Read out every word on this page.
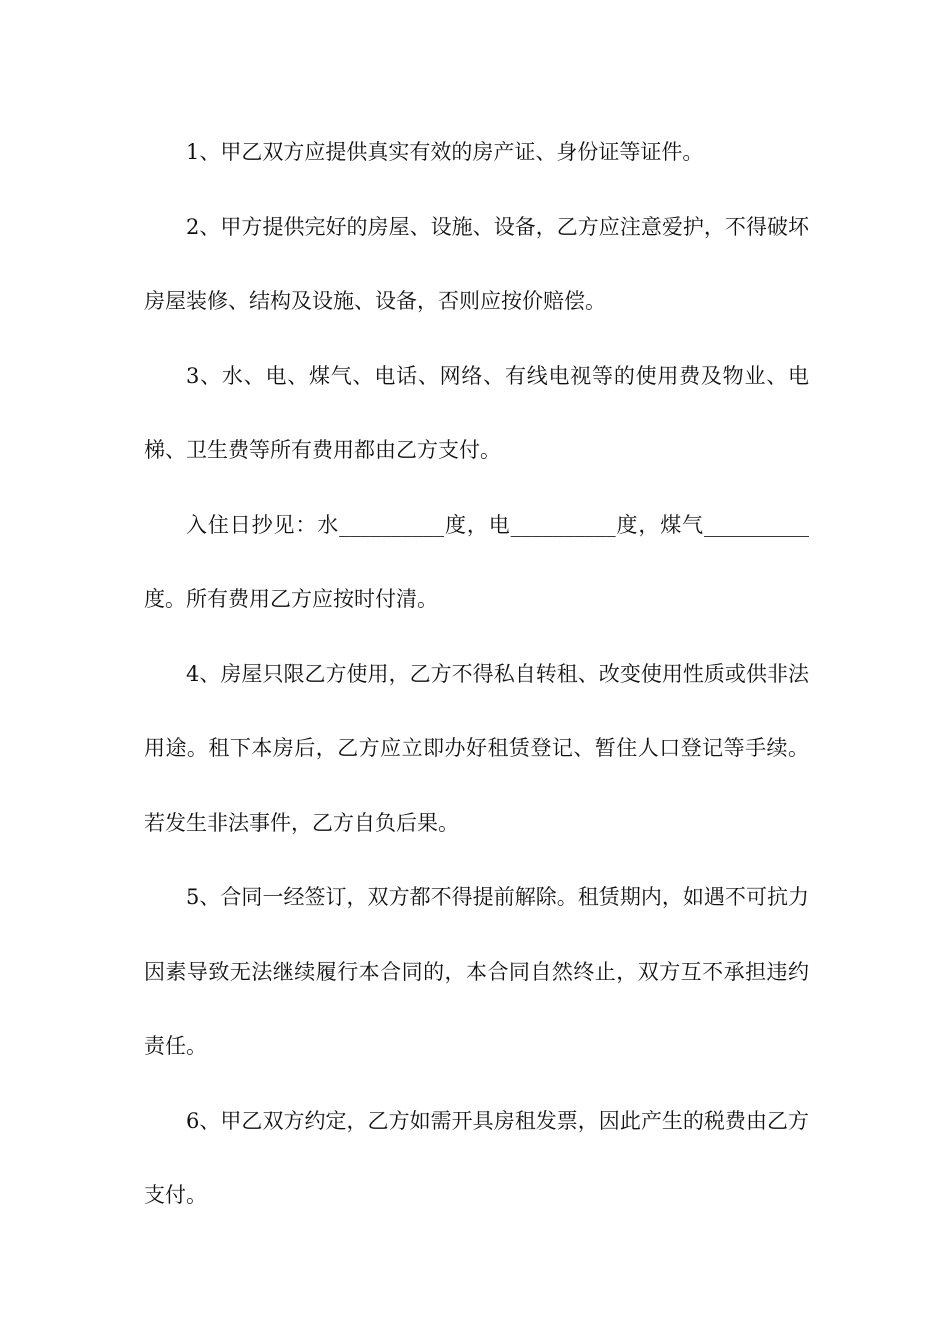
1、甲乙双方应提供真实有效的房产证、身份证等证件。

2、甲方提供完好的房屋、设施、设备，乙方应注意爱护，不得破坏房屋装修、结构及设施、设备，否则应按价赔偿。

3、水、电、煤气、电话、网络、有线电视等的使用费及物业、电梯、卫生费等所有费用都由乙方支付。

入住日抄见：水__________度，电__________度，煤气__________度。所有费用乙方应按时付清。

4、房屋只限乙方使用，乙方不得私自转租、改变使用性质或供非法用途。租下本房后，乙方应立即办好租赁登记、暂住人口登记等手续。若发生非法事件，乙方自负后果。

5、合同一经签订，双方都不得提前解除。租赁期内，如遇不可抗力因素导致无法继续履行本合同的，本合同自然终止，双方互不承担违约责任。

6、甲乙双方约定，乙方如需开具房租发票，因此产生的税费由乙方支付。
